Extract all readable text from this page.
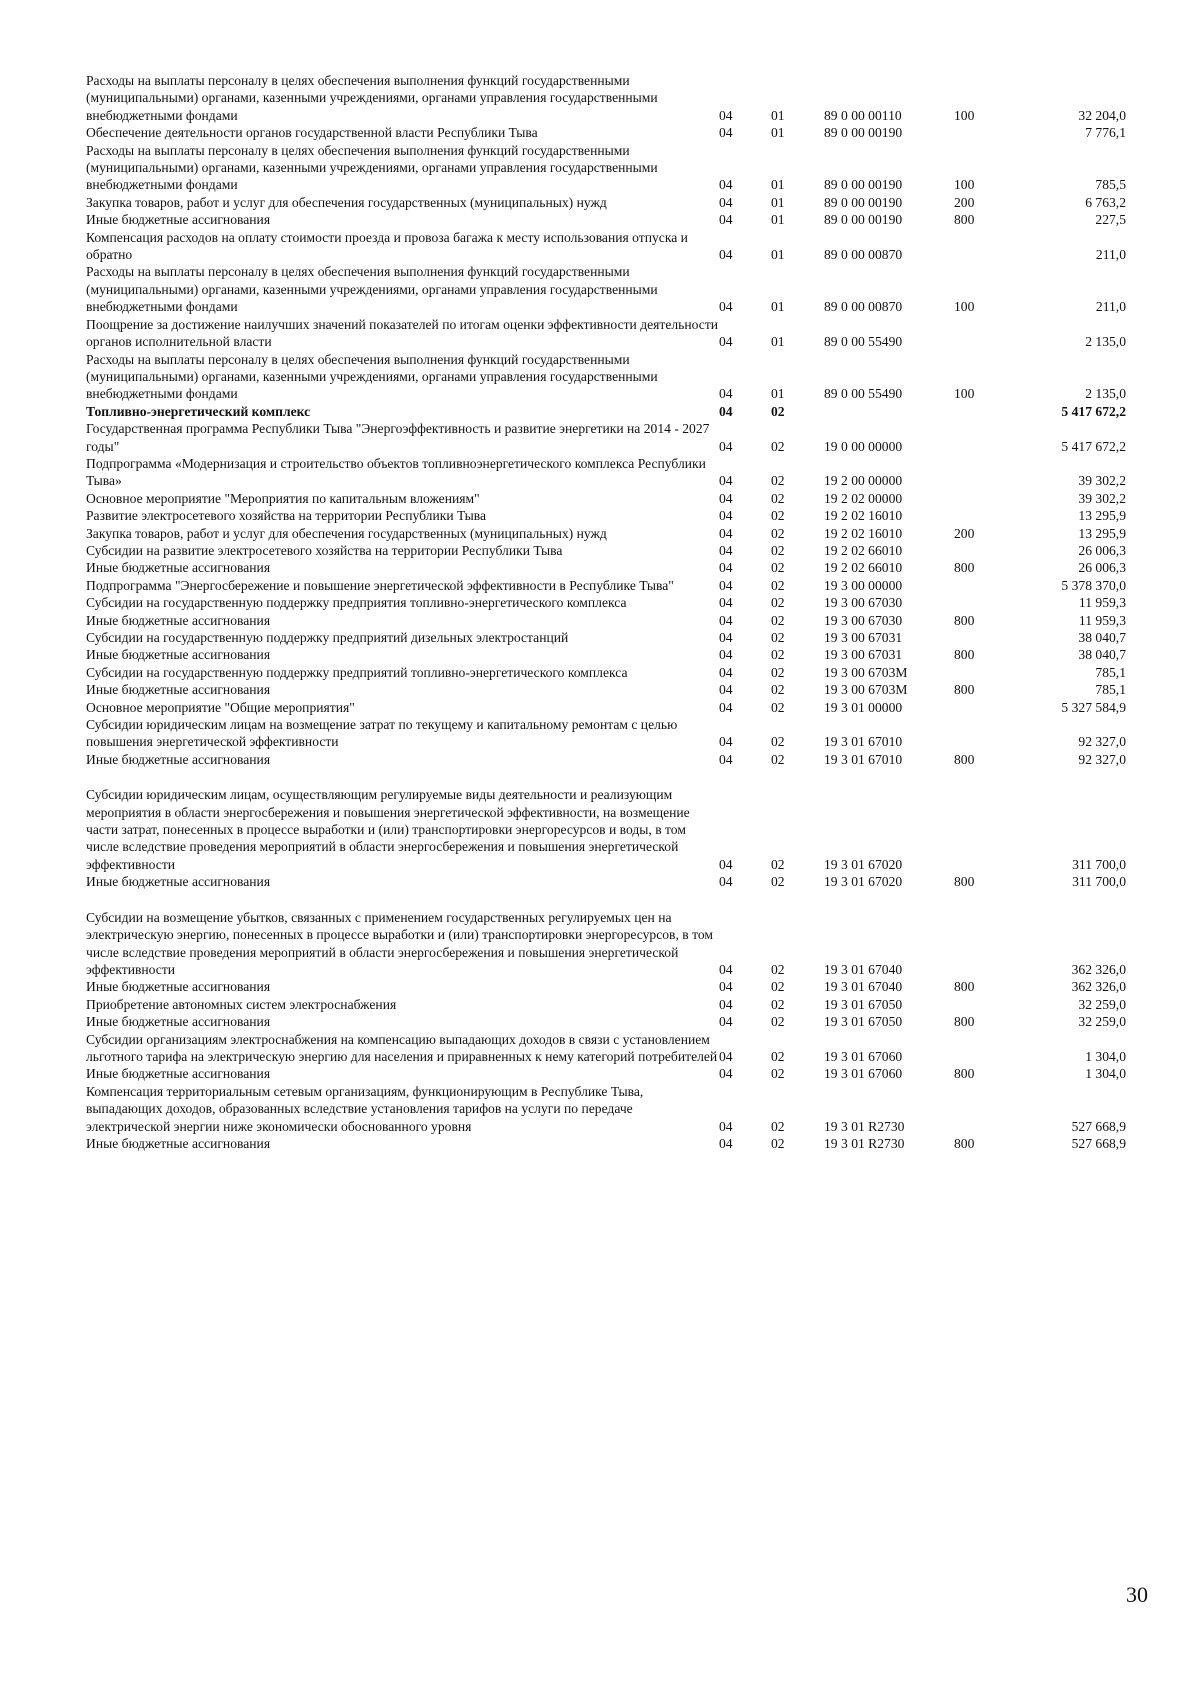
Расходы на выплаты персоналу в целях обеспечения выполнения функций государственными (муниципальными) органами, казенными учреждениями, органами управления государственными внебюджетными фондами	04	01	89 0 00 00110	100	32 204,0
Обеспечение деятельности органов государственной власти Республики Тыва	04	01	89 0 00 00190		7 776,1
Расходы на выплаты персоналу в целях обеспечения выполнения функций государственными (муниципальными) органами, казенными учреждениями, органами управления государственными внебюджетными фондами	04	01	89 0 00 00190	100	785,5
Закупка товаров, работ и услуг для обеспечения государственных (муниципальных) нужд	04	01	89 0 00 00190	200	6 763,2
Иные бюджетные ассигнования	04	01	89 0 00 00190	800	227,5
Компенсация расходов на оплату стоимости проезда и провоза багажа к месту использования отпуска и обратно	04	01	89 0 00 00870		211,0
Расходы на выплаты персоналу в целях обеспечения выполнения функций государственными (муниципальными) органами, казенными учреждениями, органами управления государственными внебюджетными фондами	04	01	89 0 00 00870	100	211,0
Поощрение за достижение наилучших значений показателей по итогам оценки эффективности деятельности органов исполнительной власти	04	01	89 0 00 55490		2 135,0
Расходы на выплаты персоналу в целях обеспечения выполнения функций государственными (муниципальными) органами, казенными учреждениями, органами управления государственными внебюджетными фондами	04	01	89 0 00 55490	100	2 135,0
Топливно-энергетический комплекс	04	02			5 417 672,2
Государственная программа Республики Тыва "Энергоэффективность и развитие энергетики на 2014 - 2027 годы"	04	02	19 0 00 00000		5 417 672,2
Подпрограмма «Модернизация и строительство объектов топливноэнергетического комплекса Республики Тыва»	04	02	19 2 00 00000		39 302,2
Основное мероприятие "Мероприятия по капитальным вложениям"	04	02	19 2 02 00000		39 302,2
Развитие электросетевого хозяйства на территории Республики Тыва	04	02	19 2 02 16010		13 295,9
Закупка товаров, работ и услуг для обеспечения государственных (муниципальных) нужд	04	02	19 2 02 16010	200	13 295,9
Субсидии на развитие электросетевого хозяйства на территории Республики Тыва	04	02	19 2 02 66010		26 006,3
Иные бюджетные ассигнования	04	02	19 2 02 66010	800	26 006,3
Подпрограмма "Энергосбережение и повышение энергетической эффективности в Республике Тыва"	04	02	19 3 00 00000		5 378 370,0
Субсидии на государственную поддержку предприятия топливно-энергетического комплекса	04	02	19 3 00 67030		11 959,3
Иные бюджетные ассигнования	04	02	19 3 00 67030	800	11 959,3
Субсидии на государственную поддержку предприятий дизельных электростанций	04	02	19 3 00 67031		38 040,7
Иные бюджетные ассигнования	04	02	19 3 00 67031	800	38 040,7
Субсидии на государственную поддержку предприятий топливно-энергетического комплекса	04	02	19 3 00 6703М		785,1
Иные бюджетные ассигнования	04	02	19 3 00 6703М	800	785,1
Основное мероприятие "Общие мероприятия"	04	02	19 3 01 00000		5 327 584,9
Субсидии юридическим лицам на возмещение затрат по текущему и капитальному ремонтам с целью повышения энергетической эффективности	04	02	19 3 01 67010		92 327,0
Иные бюджетные ассигнования	04	02	19 3 01 67010	800	92 327,0
Субсидии юридическим лицам, осуществляющим регулируемые виды деятельности и реализующим мероприятия в области энергосбережения и повышения энергетической эффективности, на возмещение части затрат, понесенных в процессе выработки и (или) транспортировки энергоресурсов и воды, в том числе вследствие проведения мероприятий в области энергосбережения и повышения энергетической эффективности	04	02	19 3 01 67020		311 700,0
Иные бюджетные ассигнования	04	02	19 3 01 67020	800	311 700,0
Субсидии на возмещение убытков, связанных с применением государственных регулируемых цен на электрическую энергию, понесенных в процессе выработки и (или) транспортировки энергоресурсов, в том числе вследствие проведения мероприятий в области энергосбережения и повышения энергетической эффективности	04	02	19 3 01 67040		362 326,0
Иные бюджетные ассигнования	04	02	19 3 01 67040	800	362 326,0
Приобретение автономных систем электроснабжения	04	02	19 3 01 67050		32 259,0
Иные бюджетные ассигнования	04	02	19 3 01 67050	800	32 259,0
Субсидии организациям электроснабжения на компенсацию выпадающих доходов в связи с установлением льготного тарифа на электрическую энергию для населения и приравненных к нему категорий потребителей	04	02	19 3 01 67060		1 304,0
Иные бюджетные ассигнования	04	02	19 3 01 67060	800	1 304,0
Компенсация территориальным сетевым организациям, функционирующим в Республике Тыва, выпадающих доходов, образованных вследствие установления тарифов на услуги по передаче электрической энергии ниже экономически обоснованного уровня	04	02	19 3 01 R2730		527 668,9
Иные бюджетные ассигнования	04	02	19 3 01 R2730	800	527 668,9
30
